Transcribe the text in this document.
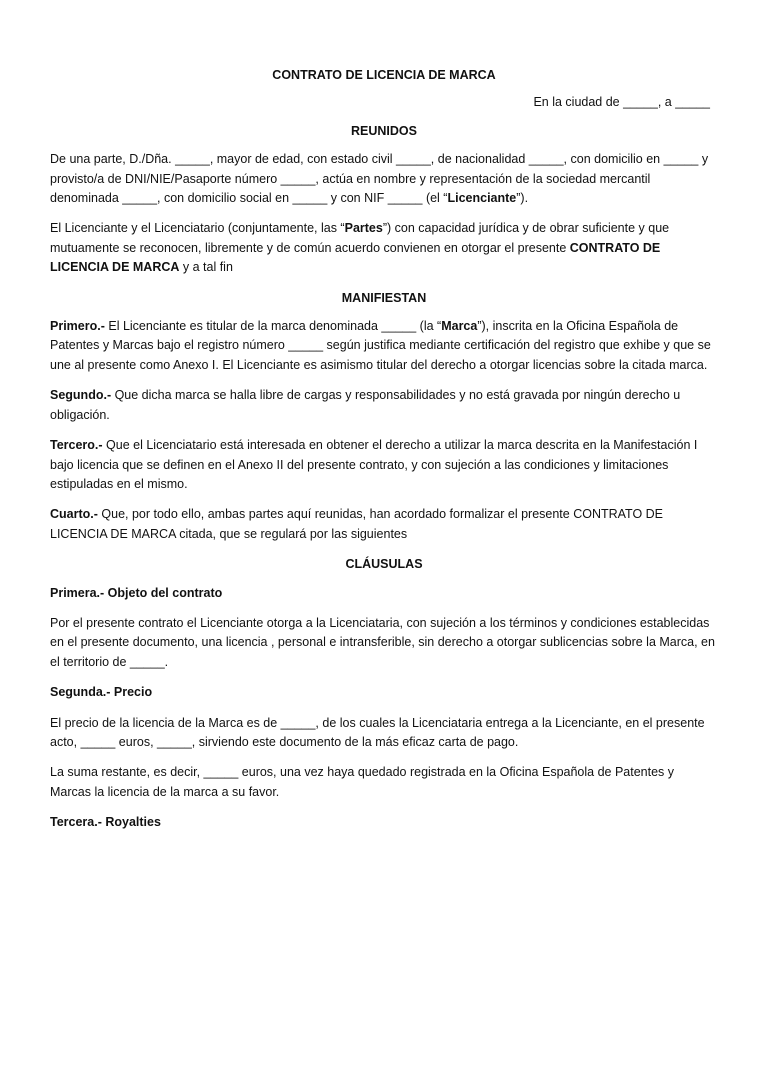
CONTRATO DE LICENCIA DE MARCA
En la ciudad de _____, a _____
REUNIDOS

De una parte, D./Dña. _____, mayor de edad, con estado civil _____, de nacionalidad _____, con domicilio en _____ y provisto/a de DNI/NIE/Pasaporte número _____, actúa en nombre y representación de la sociedad mercantil denominada _____, con domicilio social en _____ y con NIF _____ (el “Licenciante”).

El Licenciante y el Licenciatario (conjuntamente, las “Partes”) con capacidad jurídica y de obrar suficiente y que mutuamente se reconocen, libremente y de común acuerdo convienen en otorgar el presente CONTRATO DE LICENCIA DE MARCA y a tal fin

MANIFIESTAN

Primero.- El Licenciante es titular de la marca denominada _____ (la “Marca”), inscrita en la Oficina Española de Patentes y Marcas bajo el registro número _____ según justifica mediante certificación del registro que exhibe y que se une al presente como Anexo I. El Licenciante es asimismo titular del derecho a otorgar licencias sobre la citada marca.

Segundo.- Que dicha marca se halla libre de cargas y responsabilidades y no está gravada por ningún derecho u obligación.

Tercero.- Que el Licenciatario está interesada en obtener el derecho a utilizar la marca descrita en la Manifestación I bajo licencia que se definen en el Anexo II del presente contrato, y con sujeción a las condiciones y limitaciones estipuladas en el mismo.

Cuarto.- Que, por todo ello, ambas partes aquí reunidas, han acordado formalizar el presente CONTRATO DE LICENCIA DE MARCA citada, que se regulará por las siguientes

CLÁUSULAS
Primera.- Objeto del contrato

Por el presente contrato el Licenciante otorga a la Licenciataria, con sujeción a los términos y condiciones establecidas en el presente documento, una licencia , personal e intransferible, sin derecho a otorgar sublicencias sobre la Marca, en el territorio de _____.

Segunda.- Precio

El precio de la licencia de la Marca es de _____, de los cuales la Licenciataria entrega a la Licenciante, en el presente acto, _____ euros, _____, sirviendo este documento de la más eficaz carta de pago.

La suma restante, es decir, _____ euros, una vez haya quedado registrada en la Oficina Española de Patentes y Marcas la licencia de la marca a su favor.

Tercera.- Royalties
